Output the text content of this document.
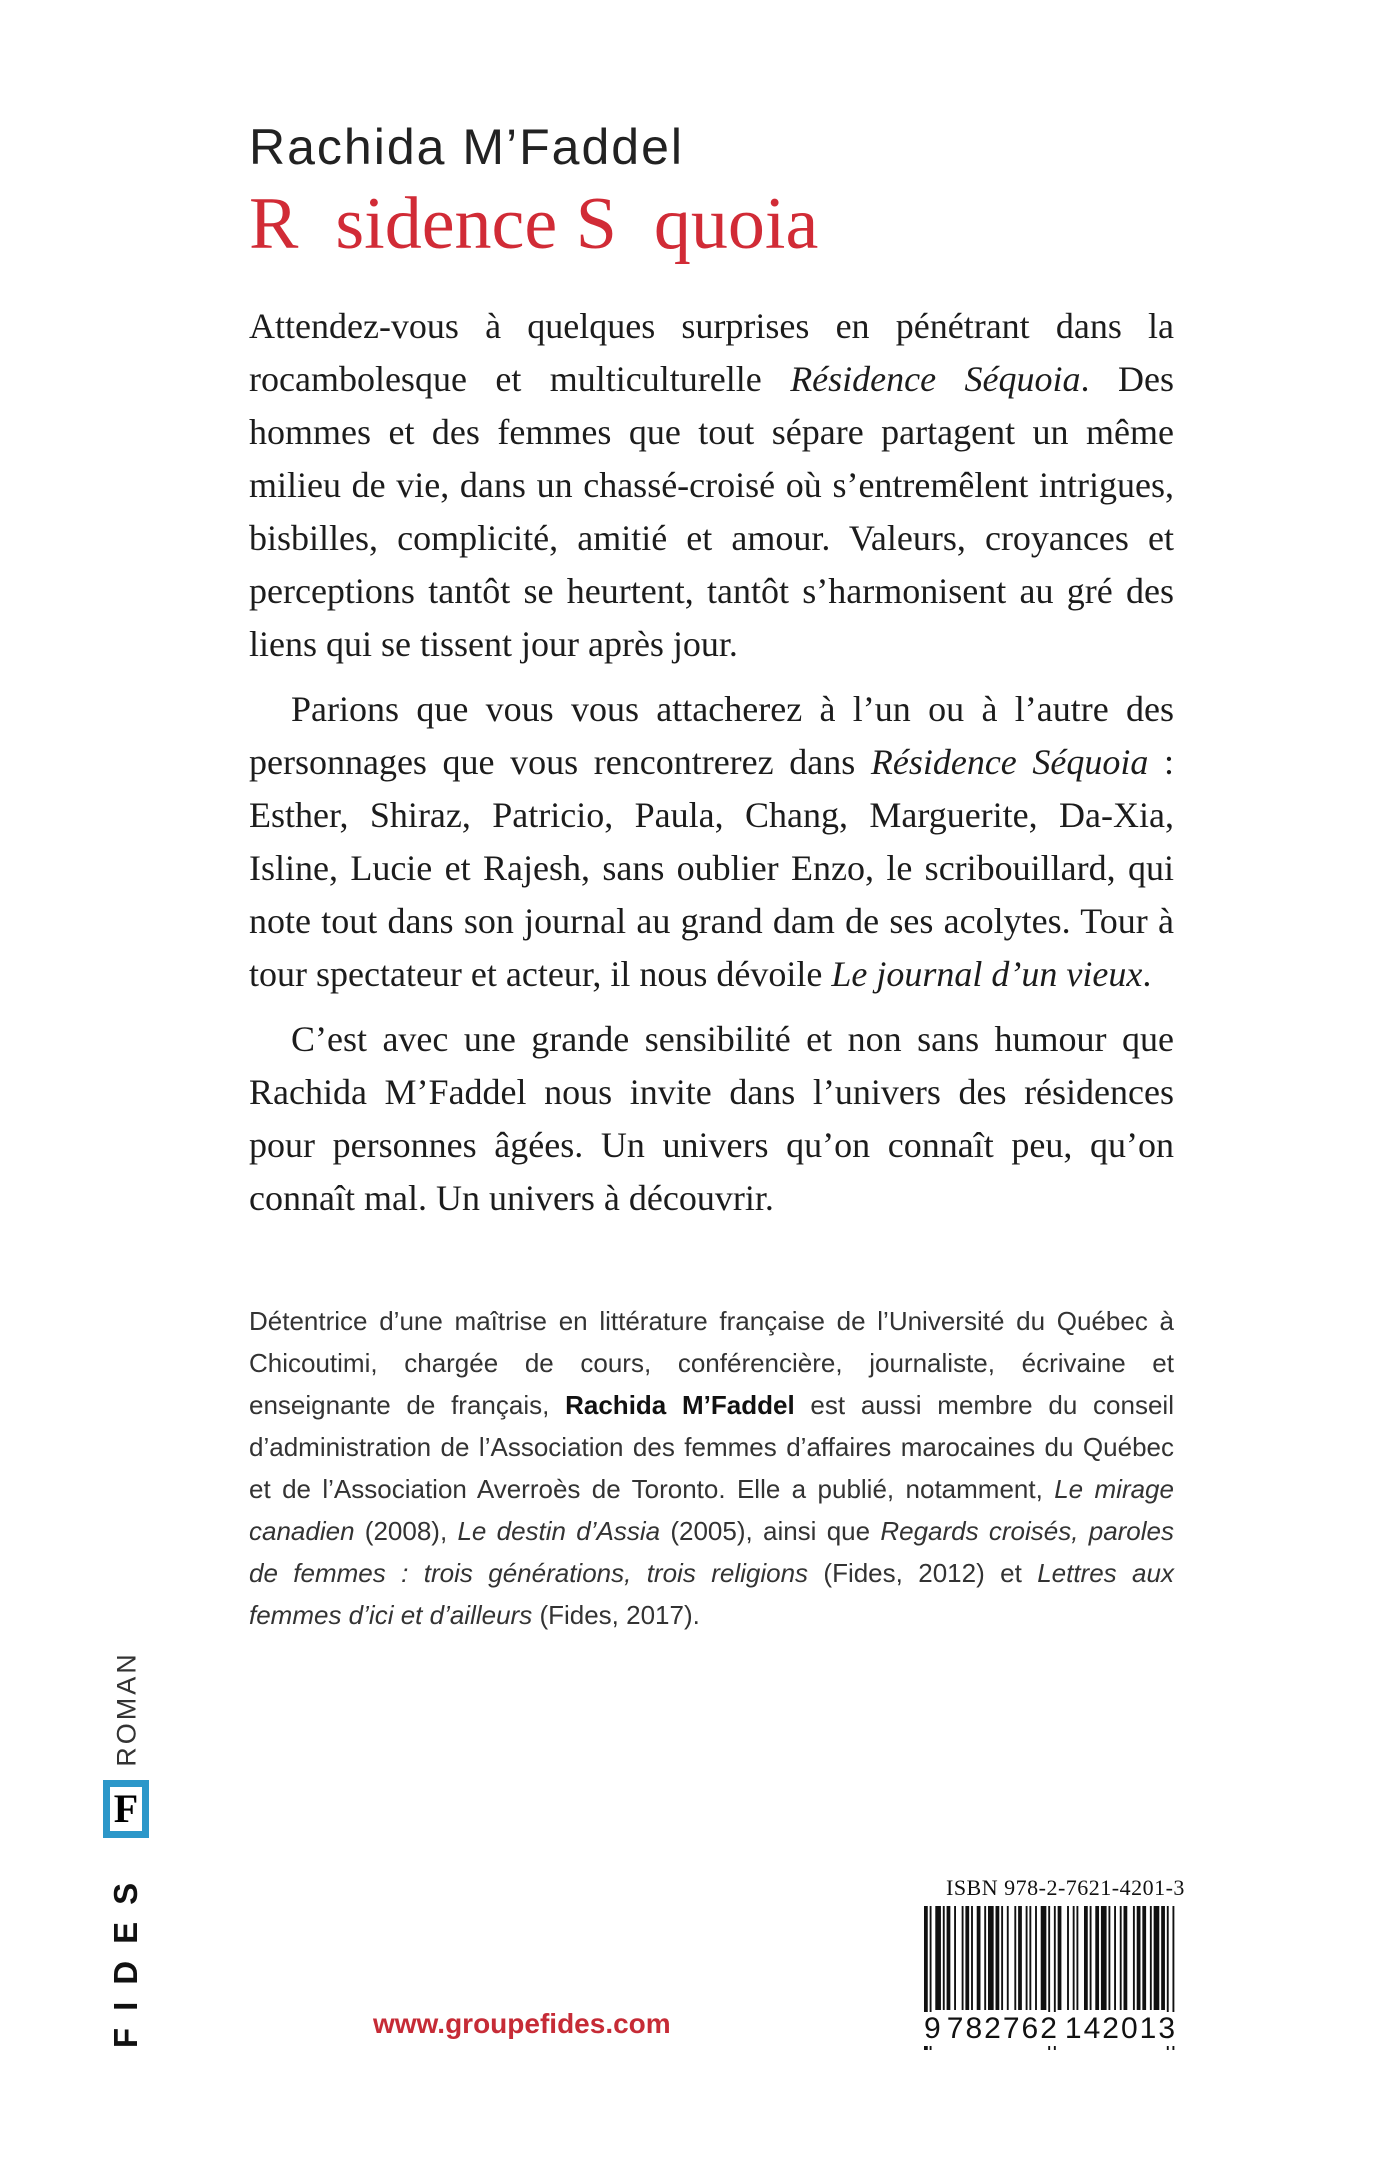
Rachida M’Faddel
R  sidence S  quoia

Attendez-vous à quelques surprises en pénétrant dans la rocambolesque et multiculturelle Résidence Séquoia. Des hommes et des femmes que tout sépare partagent un même milieu de vie, dans un chassé-croisé où s’entremêlent intrigues, bisbilles, complicité, amitié et amour. Valeurs, croyances et perceptions tantôt se heurtent, tantôt s’harmonisent au gré des liens qui se tissent jour après jour.

Parions que vous vous attacherez à l’un ou à l’autre des personnages que vous rencontrerez dans Résidence Séquoia : Esther, Shiraz, Patricio, Paula, Chang, Marguerite, Da-Xia, Isline, Lucie et Rajesh, sans oublier Enzo, le scribouillard, qui note tout dans son journal au grand dam de ses acolytes. Tour à tour spectateur et acteur, il nous dévoile Le journal d’un vieux.

C’est avec une grande sensibilité et non sans humour que Rachida M’Faddel nous invite dans l’univers des résidences pour personnes âgées. Un univers qu’on connaît peu, qu’on connaît mal. Un univers à découvrir.

Détentrice d’une maîtrise en littérature française de l’Université du Québec à Chicoutimi, chargée de cours, conférencière, journaliste, écrivaine et enseignante de français, Rachida M’Faddel est aussi membre du conseil d’administration de l’Association des femmes d’affaires marocaines du Québec et de l’Association Averroès de Toronto. Elle a publié, notamment, Le mirage canadien (2008), Le destin d’Assia (2005), ainsi que Regards croisés, paroles de femmes : trois générations, trois religions (Fides, 2012) et Lettres aux femmes d’ici et d’ailleurs (Fides, 2017).

ROMAN
F
FIDES	www.groupefides.com
ISBN 978-2-7621-4201-3
9 782762 142013
